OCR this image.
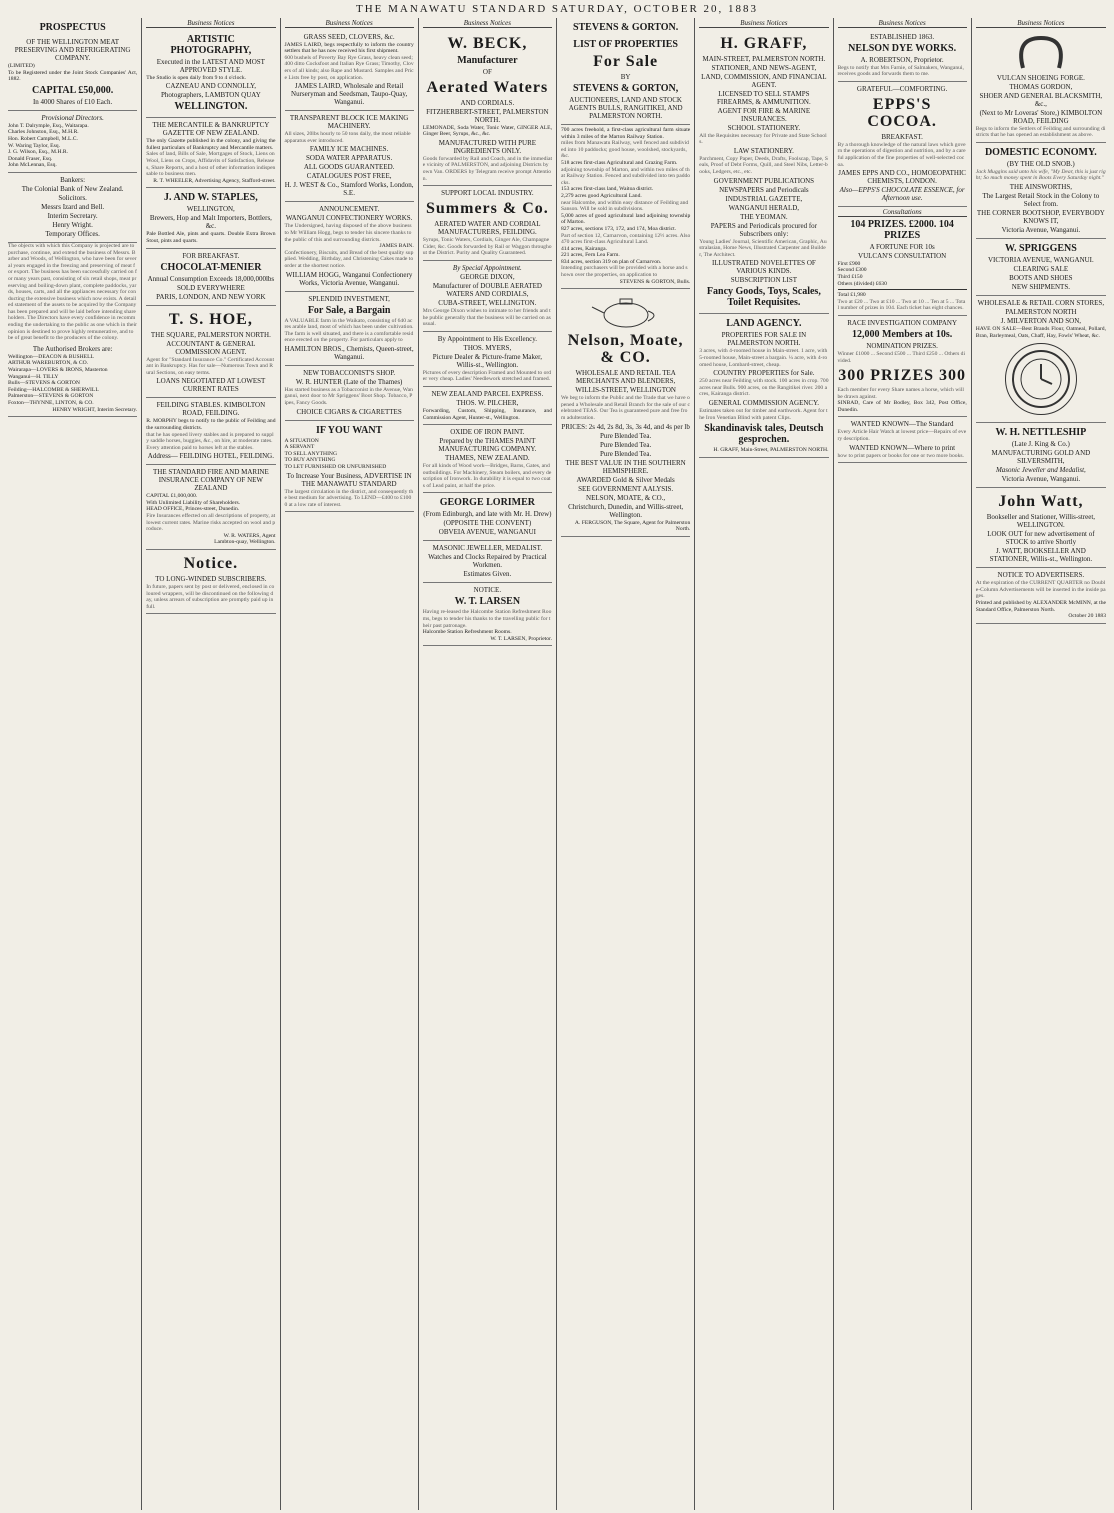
THE MANAWATU STANDARD SATURDAY, OCTOBER 20, 1883
PROSPECTUS
OF THE WELLINGTON MEAT PRESERVING AND REFRIGERATING COMPANY.
(LIMITED)
To be Registered under the Joint Stock Companies' Act, 1882.
CAPITAL £50,000.
In 4000 Shares of £10 Each.
Provisional Directors.
John T. Dalrymple, Esq., Waitarapa.
Charles Johnston, Esq., M.H.R.
Hon. Robert Campbell, M.L.C.
W. Waring Taylor, Esq.
J. G. Wilson, Esq., M.H.R.
Donald Fraser, Esq.
John McLennan, Esq.
Bankers:
The Colonial Bank of New Zealand.
Solicitors.
Messrs Izard and Bell.
Interim Secretary.
Henry Wright.
Temporary Offices.
The objects with which this Company is projected are to purchase, continue, and extend the business of Messrs. Barber and Woods, of Wellington, who have been for several years engaged in the freezing and preserving of meat for export. The business has been successfully carried on for many years past, consisting of six retail shops, meat preserving and boiling-down plant, complete paddocks, yards, houses, carts, and all the appliances necessary for conducting the extensive business which now exists. A detailed statement of the assets to be acquired by the Company has been prepared and will be laid before intending shareholders. The Directors have every confidence in recommending the undertaking to the public as one which in their opinion is destined to prove highly remunerative, and to be of great benefit to the producers of the colony.
The Authorised Brokers are:
Wellington—DEACON & BUSHELL
ARTHUR WAREBURTON, & CO.
Wairarapa—LOVERS & IRONS, Masterton
Wanganui—H. TILLY
Bulls—STEVENS & GORTON
Feilding—HALCOMBE & SHERWILL
Palmerston—STEVENS & GORTON
Foxton—THYNNE, LINTON, & CO.
HENRY WRIGHT, Interim Secretary.
Business Notices
ARTISTIC PHOTOGRAPHY,
Executed in the LATEST AND MOST APPROVED STYLE.
The Studio is open daily from 9 to 4 o'clock.
CAZNEAU AND CONNOLLY,
Photographers, LAMBTON QUAY
WELLINGTON.
THE MERCANTILE & BANKRUPTCY GAZETTE OF NEW ZEALAND.
The only Gazette published in the colony, and giving the fullest particulars of Bankruptcy and Mercantile matters.
Sales of land, Bills of Sale, Mortgages of Stock, Liens on Wool, Liens on Crops, Affidavits of Satisfaction, Releases, Share Reports, and a host of other information indispensable to business men.
R. T. WHEELER, Advertising Agency, Stafford-street.
J. AND W. STAPLES,
WELLINGTON,
Brewers, Hop and Malt Importers, Bottlers, &c.
Pale Bottled Ale, pints and quarts. Double Extra Brown Stout, pints and quarts.
FOR BREAKFAST.
CHOCOLAT-MENIER
Annual Consumption Exceeds 18,000,000lbs
SOLD EVERYWHERE
PARIS, LONDON, AND NEW YORK
T. S. HOE,
THE SQUARE, PALMERSTON NORTH.
ACCOUNTANT & GENERAL COMMISSION AGENT.
Agent for "Standard Insurance Co." Certificated Accountant in Bankruptcy. Has for sale—Numerous Town and Rural Sections, on easy terms.
LOANS NEGOTIATED AT LOWEST CURRENT RATES
FEILDING STABLES. KIMBOLTON ROAD, FEILDING.
R. MORPHY begs to notify to the public of Feilding and the surrounding districts.
that he has opened livery stables and is prepared to supply saddle horses, buggies, &c., on hire, at moderate rates. Every attention paid to horses left at the stables.
Address— FEILDING HOTEL, FEILDING.
THE STANDARD FIRE AND MARINE INSURANCE COMPANY OF NEW ZEALAND
CAPITAL £1,000,000.
With Unlimited Liability of Shareholders.
HEAD OFFICE, Princes-street, Dunedin.
Fire Insurances effected on all descriptions of property, at lowest current rates. Marine risks accepted on wool and produce.
W. R. WATERS, Agent
Lambton-quay, Wellington.
Notice.
TO LONG-WINDED SUBSCRIBERS.
In future, papers sent by post or delivered, enclosed in coloured wrappers, will be discontinued on the following day, unless arrears of subscription are promptly paid up in full.
Business Notices
GRASS SEED, CLOVERS, &c.
JAMES LAIRD, begs respectfully to inform the country settlers that he has now received his first shipment.
600 bushels of Poverty Bay Rye Grass, heavy clean seed; 400 ditto Cocksfoot and Italian Rye Grass; Timothy, Clovers of all kinds; also Rape and Mustard. Samples and Price Lists free by post, on application.
JAMES LAIRD, Wholesale and Retail Nurseryman and Seedsman, Taupo-Quay, Wanganui.
TRANSPARENT BLOCK ICE MAKING MACHINERY.
All sizes, 20lbs hourly to 50 tons daily, the most reliable apparatus ever introduced.
FAMILY ICE MACHINES.
SODA WATER APPARATUS.
ALL GOODS GUARANTEED.
CATALOGUES POST FREE,
H. J. WEST & Co., Stamford Works, London, S.E.
ANNOUNCEMENT.
WANGANUI CONFECTIONERY WORKS.
The Undersigned, having disposed of the above business to Mr William Hogg, begs to tender his sincere thanks to the public of this and surrounding districts.
JAMES BAIN.
Confectionery, Biscuits, and Bread of the best quality supplied. Wedding, Birthday, and Christening Cakes made to order at the shortest notice.
WILLIAM HOGG, Wanganui Confectionery Works, Victoria Avenue, Wanganui.
SPLENDID INVESTMENT,
For Sale, a Bargain
A VALUABLE farm in the Waikato, consisting of 640 acres arable land, most of which has been under cultivation. The farm is well situated, and there is a comfortable residence erected on the property. For particulars apply to
HAMILTON BROS., Chemists, Queen-street, Wanganui.
NEW TOBACCONIST'S SHOP.
W. R. HUNTER (Late of the Thames)
Has started business as a Tobacconist in the Avenue, Wanganui, next door to Mr Spriggens' Boot Shop. Tobacco, Pipes, Fancy Goods.
CHOICE CIGARS & CIGARETTES
IF YOU WANT
A SITUATION
A SERVANT
TO SELL ANYTHING
TO BUY ANYTHING
TO LET FURNISHED OR UNFURNISHED
To Increase Your Business, ADVERTISE IN THE MANAWATU STANDARD
The largest circulation in the district, and consequently the best medium for advertising. To LEND—£400 to £1000 at a low rate of interest.
Business Notices
W. BECK,
Manufacturer
OF
Aerated Waters
AND CORDIALS.
FITZHERBERT-STREET, PALMERSTON NORTH.
LEMONADE, Soda Water, Tonic Water, GINGER ALE, Ginger Beer, Syrups, &c., &c.
MANUFACTURED WITH PURE INGREDIENTS ONLY.
Goods forwarded by Rail and Coach, and in the immediate vicinity of PALMERSTON, and adjoining Districts by own Van. ORDERS by Telegram receive prompt Attention.
SUPPORT LOCAL INDUSTRY.
Summers & Co.
AERATED WATER AND CORDIAL MANUFACTURERS, FEILDING.
Syrups, Tonic Waters, Cordials, Ginger Ale, Champagne Cider, &c. Goods forwarded by Rail or Waggon throughout the District. Purity and Quality Guaranteed.
By Special Appointment.
GEORGE DIXON,
Manufacturer of DOUBLE AERATED WATERS AND CORDIALS,
CUBA-STREET, WELLINGTON.
Mrs George Dixon wishes to intimate to her friends and the public generally that the business will be carried on as usual.
By Appointment to His Excellency.
THOS. MYERS,
Picture Dealer & Picture-frame Maker, Willis-st., Wellington.
Pictures of every description Framed and Mounted to order very cheap. Ladies' Needlework stretched and framed.
NEW ZEALAND PARCEL EXPRESS.
THOS. W. PILCHER,
Forwarding, Custom, Shipping, Insurance, and Commission Agent, Hunter-st., Wellington.
OXIDE OF IRON PAINT.
Prepared by the THAMES PAINT MANUFACTURING COMPANY.
THAMES, NEW ZEALAND.
For all kinds of Wood work—Bridges, Barns, Gates, and outbuildings. For Machinery, Steam boilers, and every description of Ironwork. In durability it is equal to two coats of Lead paint, at half the price.
GEORGE LORIMER
(From Edinburgh, and late with Mr. H. Drew)
(OPPOSITE THE CONVENT)
OBVEIA AVENUE, WANGANUI
MASONIC JEWELLER, MEDALIST.
Watches and Clocks Repaired by Practical Workmen.
Estimates Given.
NOTICE.
W. T. LARSEN
Having re-leased the Halcombe Station Refreshment Rooms, begs to tender his thanks to the travelling public for their past patronage.
Halcombe Station Refreshment Rooms.
W. T. LARSEN, Proprietor.
STEVENS & GORTON.
LIST OF PROPERTIES
For Sale
BY
STEVENS & GORTON,
AUCTIONEERS, LAND AND STOCK AGENTS BULLS, RANGITIKEI, AND PALMERSTON NORTH.
700 acres freehold, a first-class agricultural farm situate within 3 miles of the Marton Railway Station.
miles from Manawatu Railway, well fenced and subdivided into 10 paddocks; good house, woolshed, stockyards, &c.
518 acres first-class Agricultural and Grazing Farm.
adjoining township of Marton, and within two miles of that Railway Station. Fenced and subdivided into ten paddocks.
153 acres first-class land, Waitoa district.
2,279 acres good Agricultural Land.
near Halcombe, and within easy distance of Feilding and Sanson. Will be sold in subdivisions.
5,000 acres of good agricultural land adjoining township of Marton.
827 acres, sections 173, 172, and 174, Moa district.
Part of section 12, Carnarvon, containing 12½ acres. Also 470 acres first-class Agricultural Land.
414 acres, Kairanga.
221 acres, Fern Lea Farm.
834 acres, section 319 on plan of Carnarvon.
Intending purchasers will be provided with a horse and shown over the properties, on application to
STEVENS & GORTON, Bulls.
Nelson, Moate, & CO.
WHOLESALE AND RETAIL TEA MERCHANTS AND BLENDERS,
WILLIS-STREET, WELLINGTON
We beg to inform the Public and the Trade that we have opened a Wholesale and Retail Branch for the sale of our celebrated TEAS. Our Tea is guaranteed pure and free from adulteration.
PRICES: 2s 4d, 2s 8d, 3s, 3s 4d, and 4s per lb
Pure Blended Tea.
Pure Blended Tea.
Pure Blended Tea.
THE BEST VALUE IN THE SOUTHERN HEMISPHERE.
AWARDED Gold & Silver Medals
SEE GOVERNMENT AALYSIS.
NELSON, MOATE, & CO.,
Christchurch, Dunedin, and Willis-street, Wellington.
A. FERGUSON, The Square, Agent for Palmerston North.
Business Notices
H. GRAFF,
MAIN-STREET, PALMERSTON NORTH.
STATIONER, AND NEWS-AGENT,
LAND, COMMISSION, AND FINANCIAL AGENT.
LICENSED TO SELL STAMPS FIREARMS, & AMMUNITION.
AGENT FOR FIRE & MARINE INSURANCES.
SCHOOL STATIONERY.
All the Requisites necessary for Private and State Schools.
LAW STATIONERY.
Parchment, Copy Paper, Deeds, Drafts, Foolscap, Tape, Seals, Proof of Debt Forms, Quill, and Steel Nibs, Letter-books, Ledgers, etc., etc.
GOVERNMENT PUBLICATIONS
NEWSPAPERS and Periodicals
INDUSTRIAL GAZETTE,
WANGANUI HERALD,
THE YEOMAN.
PAPERS and Periodicals procured for Subscribers only:
Young Ladies' Journal, Scientific American, Graphic, Australasian, Home News, Illustrated Carpenter and Builder, The Architect.
ILLUSTRATED NOVELETTES OF VARIOUS KINDS.
SUBSCRIPTION LIST
Fancy Goods, Toys, Scales, Toilet Requisites.
LAND AGENCY.
PROPERTIES FOR SALE IN PALMERSTON NORTH.
3 acres, with 4-roomed house in Main-street. 1 acre, with 5-roomed house, Main-street a bargain. ¼ acre, with 4-roomed house, Lombard-street, cheap.
COUNTRY PROPERTIES for Sale.
250 acres near Feilding with stock. 100 acres in crop. 700 acres near Bulls. 900 acres, on the Rangitikei river. 200 acres, Kairanga district.
GENERAL COMMISSION AGENCY.
Estimates taken out for timber and earthwork. Agent for the Iron Venetian Blind with patent Clips.
Skandinavisk tales, Deutsch gesprochen.
H. GRAFF, Main-Street, PALMERSTON NORTH.
Business Notices
ESTABLISHED 1863.
NELSON DYE WORKS.
A. ROBERTSON, Proprietor.
Begs to notify that Mrs Farnie, of Salmakers, Wanganui, receives goods and forwards them to me.
GRATEFUL—COMFORTING.
EPPS'S COCOA.
BREAKFAST.
By a thorough knowledge of the natural laws which govern the operations of digestion and nutrition, and by a careful application of the fine properties of well-selected cocoa.
JAMES EPPS AND CO., HOMOEOPATHIC CHEMISTS, LONDON.
Also—EPPS'S CHOCOLATE ESSENCE, for Afternoon use.
Consultations
104 PRIZES. £2000. 104 PRIZES
A FORTUNE FOR 10s
VULCAN'S CONSULTATION
First £900
Second £300
Third £150
Others (divided) £630
Total £1,980
Two at £20 ... Two at £10 ... Two at 10 ... Ten at 5 ... Total number of prizes in 104. Each ticket has eight chances.
RACE INVESTIGATION COMPANY
12,000 Members at 10s.
NOMINATION PRIZES.
Winner £1000 ... Second £500 ... Third £250 ... Others divided.
300 PRIZES 300
Each member for every Share names a horse, which will be drawn against.
SINBAD, Care of Mr Bodley, Box 342, Post Office, Dunedin.
WANTED KNOWN—The Standard
Every Article Hair Watch at lowest price—Repairs of every description.
WANTED KNOWN—Where to print
how to print papers or books for one or two more books.
Business Notices
VULCAN SHOEING FORGE.
THOMAS GORDON,
SHOER AND GENERAL BLACKSMITH, &c.,
(Next to Mr Loveras' Store,) KIMBOLTON ROAD, FEILDING
Begs to inform the Settlers of Feilding and surrounding districts that he has opened an establishment as above.
DOMESTIC ECONOMY.
(BY THE OLD SNOB.)
Jack Muggins said unto his wife, "My Dear, this is just right; So much money spent in Boots Every Saturday night."
THE AINSWORTHS,
The Largest Retail Stock in the Colony to Select from.
THE CORNER BOOTSHOP, EVERYBODY KNOWS IT,
Victoria Avenue, Wanganui.
W. SPRIGGENS
VICTORIA AVENUE, WANGANUI.
CLEARING SALE
BOOTS AND SHOES
NEW SHIPMENTS.
WHOLESALE & RETAIL CORN STORES,
PALMERSTON NORTH
J. MILVERTON AND SON,
HAVE ON SALE—Best Brands Flour, Oatmeal, Pollard, Bran, Barleymeal, Oats, Chaff, Hay, Fowls' Wheat, &c.
W. H. NETTLESHIP
(Late J. King & Co.)
MANUFACTURING GOLD AND SILVERSMITH,
Masonic Jeweller and Medalist,
Victoria Avenue, Wanganui.
John Watt,
Bookseller and Stationer, Willis-street, WELLINGTON.
LOOK OUT for new advertisement of STOCK to arrive Shortly
J. WATT, BOOKSELLER AND STATIONER, Willis-st., Wellington.
NOTICE TO ADVERTISERS.
At the expiration of the CURRENT QUARTER no Double-Column Advertisements will be inserted in the inside pages.
Printed and published by ALEXANDER McMINN, at the Standard Office, Palmerston North.
October 20 1883
